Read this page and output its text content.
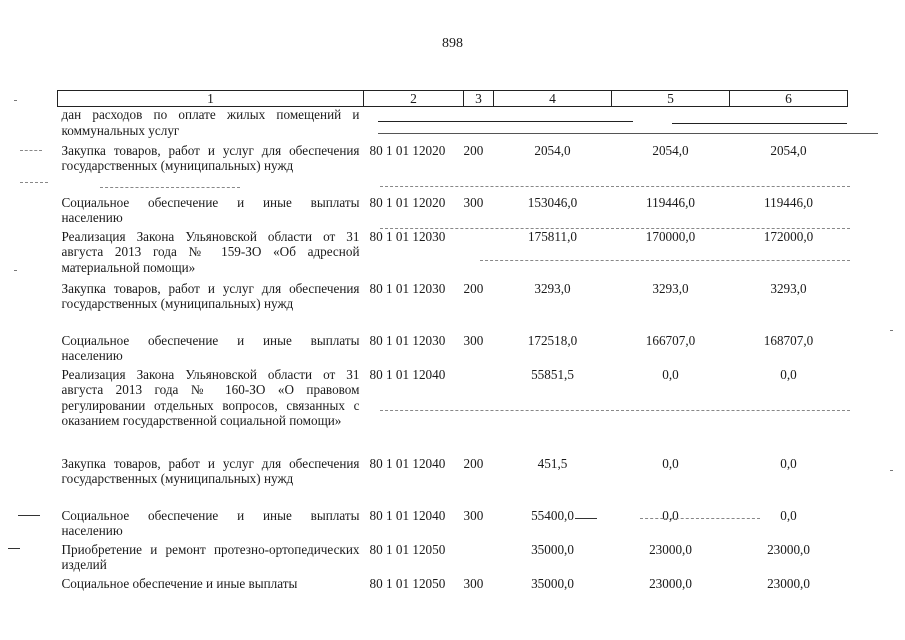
898
1	2	3	4	5	6
дан расходов по оплате жилых помещений и коммунальных услуг					
Закупка товаров, работ и услуг для обеспечения государственных (муниципальных) нужд	80 1 01 12020	200	2054,0	2054,0	2054,0
Социальное обеспечение и иные выплаты населению	80 1 01 12020	300	153046,0	119446,0	119446,0
Реализация Закона Ульяновской области от 31 августа 2013 года № 159-ЗО «Об адресной материальной помощи»	80 1 01 12030		175811,0	170000,0	172000,0
Закупка товаров, работ и услуг для обеспечения государственных (муниципальных) нужд	80 1 01 12030	200	3293,0	3293,0	3293,0
Социальное обеспечение и иные выплаты населению	80 1 01 12030	300	172518,0	166707,0	168707,0
Реализация Закона Ульяновской области от 31 августа 2013 года № 160-ЗО «О правовом регулировании отдельных вопросов, связанных с оказанием государственной социальной помощи»	80 1 01 12040		55851,5	0,0	0,0
Закупка товаров, работ и услуг для обеспечения государственных (муниципальных) нужд	80 1 01 12040	200	451,5	0,0	0,0
Социальное обеспечение и иные выплаты населению	80 1 01 12040	300	55400,0	0,0	0,0
Приобретение и ремонт протезно-ортопедических изделий	80 1 01 12050		35000,0	23000,0	23000,0
Социальное обеспечение и иные выплаты	80 1 01 12050	300	35000,0	23000,0	23000,0
